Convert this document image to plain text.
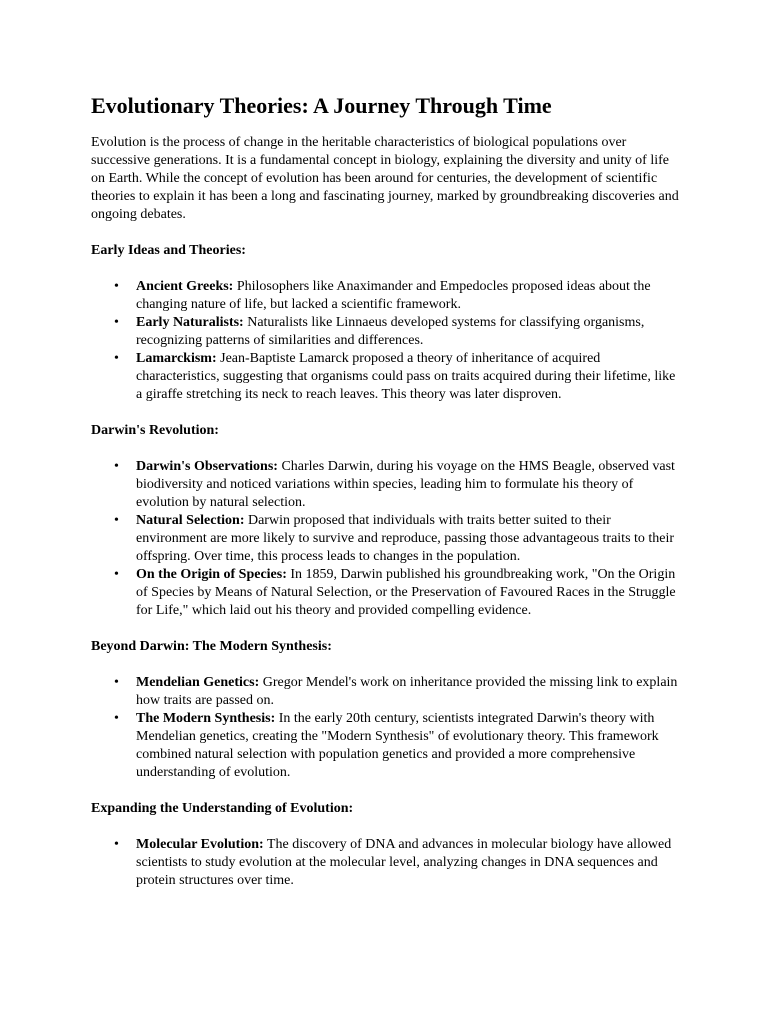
Evolutionary Theories: A Journey Through Time

Evolution is the process of change in the heritable characteristics of biological populations over successive generations. It is a fundamental concept in biology, explaining the diversity and unity of life on Earth. While the concept of evolution has been around for centuries, the development of scientific theories to explain it has been a long and fascinating journey, marked by groundbreaking discoveries and ongoing debates.

Early Ideas and Theories:
• Ancient Greeks: Philosophers like Anaximander and Empedocles proposed ideas about the changing nature of life, but lacked a scientific framework.
• Early Naturalists: Naturalists like Linnaeus developed systems for classifying organisms, recognizing patterns of similarities and differences.
• Lamarckism: Jean-Baptiste Lamarck proposed a theory of inheritance of acquired characteristics, suggesting that organisms could pass on traits acquired during their lifetime, like a giraffe stretching its neck to reach leaves. This theory was later disproven.
Darwin's Revolution:
• Darwin's Observations: Charles Darwin, during his voyage on the HMS Beagle, observed vast biodiversity and noticed variations within species, leading him to formulate his theory of evolution by natural selection.
• Natural Selection: Darwin proposed that individuals with traits better suited to their environment are more likely to survive and reproduce, passing those advantageous traits to their offspring. Over time, this process leads to changes in the population.
• On the Origin of Species: In 1859, Darwin published his groundbreaking work, "On the Origin of Species by Means of Natural Selection, or the Preservation of Favoured Races in the Struggle for Life," which laid out his theory and provided compelling evidence.
Beyond Darwin: The Modern Synthesis:
• Mendelian Genetics: Gregor Mendel's work on inheritance provided the missing link to explain how traits are passed on.
• The Modern Synthesis: In the early 20th century, scientists integrated Darwin's theory with Mendelian genetics, creating the "Modern Synthesis" of evolutionary theory. This framework combined natural selection with population genetics and provided a more comprehensive understanding of evolution.
Expanding the Understanding of Evolution:
• Molecular Evolution: The discovery of DNA and advances in molecular biology have allowed scientists to study evolution at the molecular level, analyzing changes in DNA sequences and protein structures over time.
